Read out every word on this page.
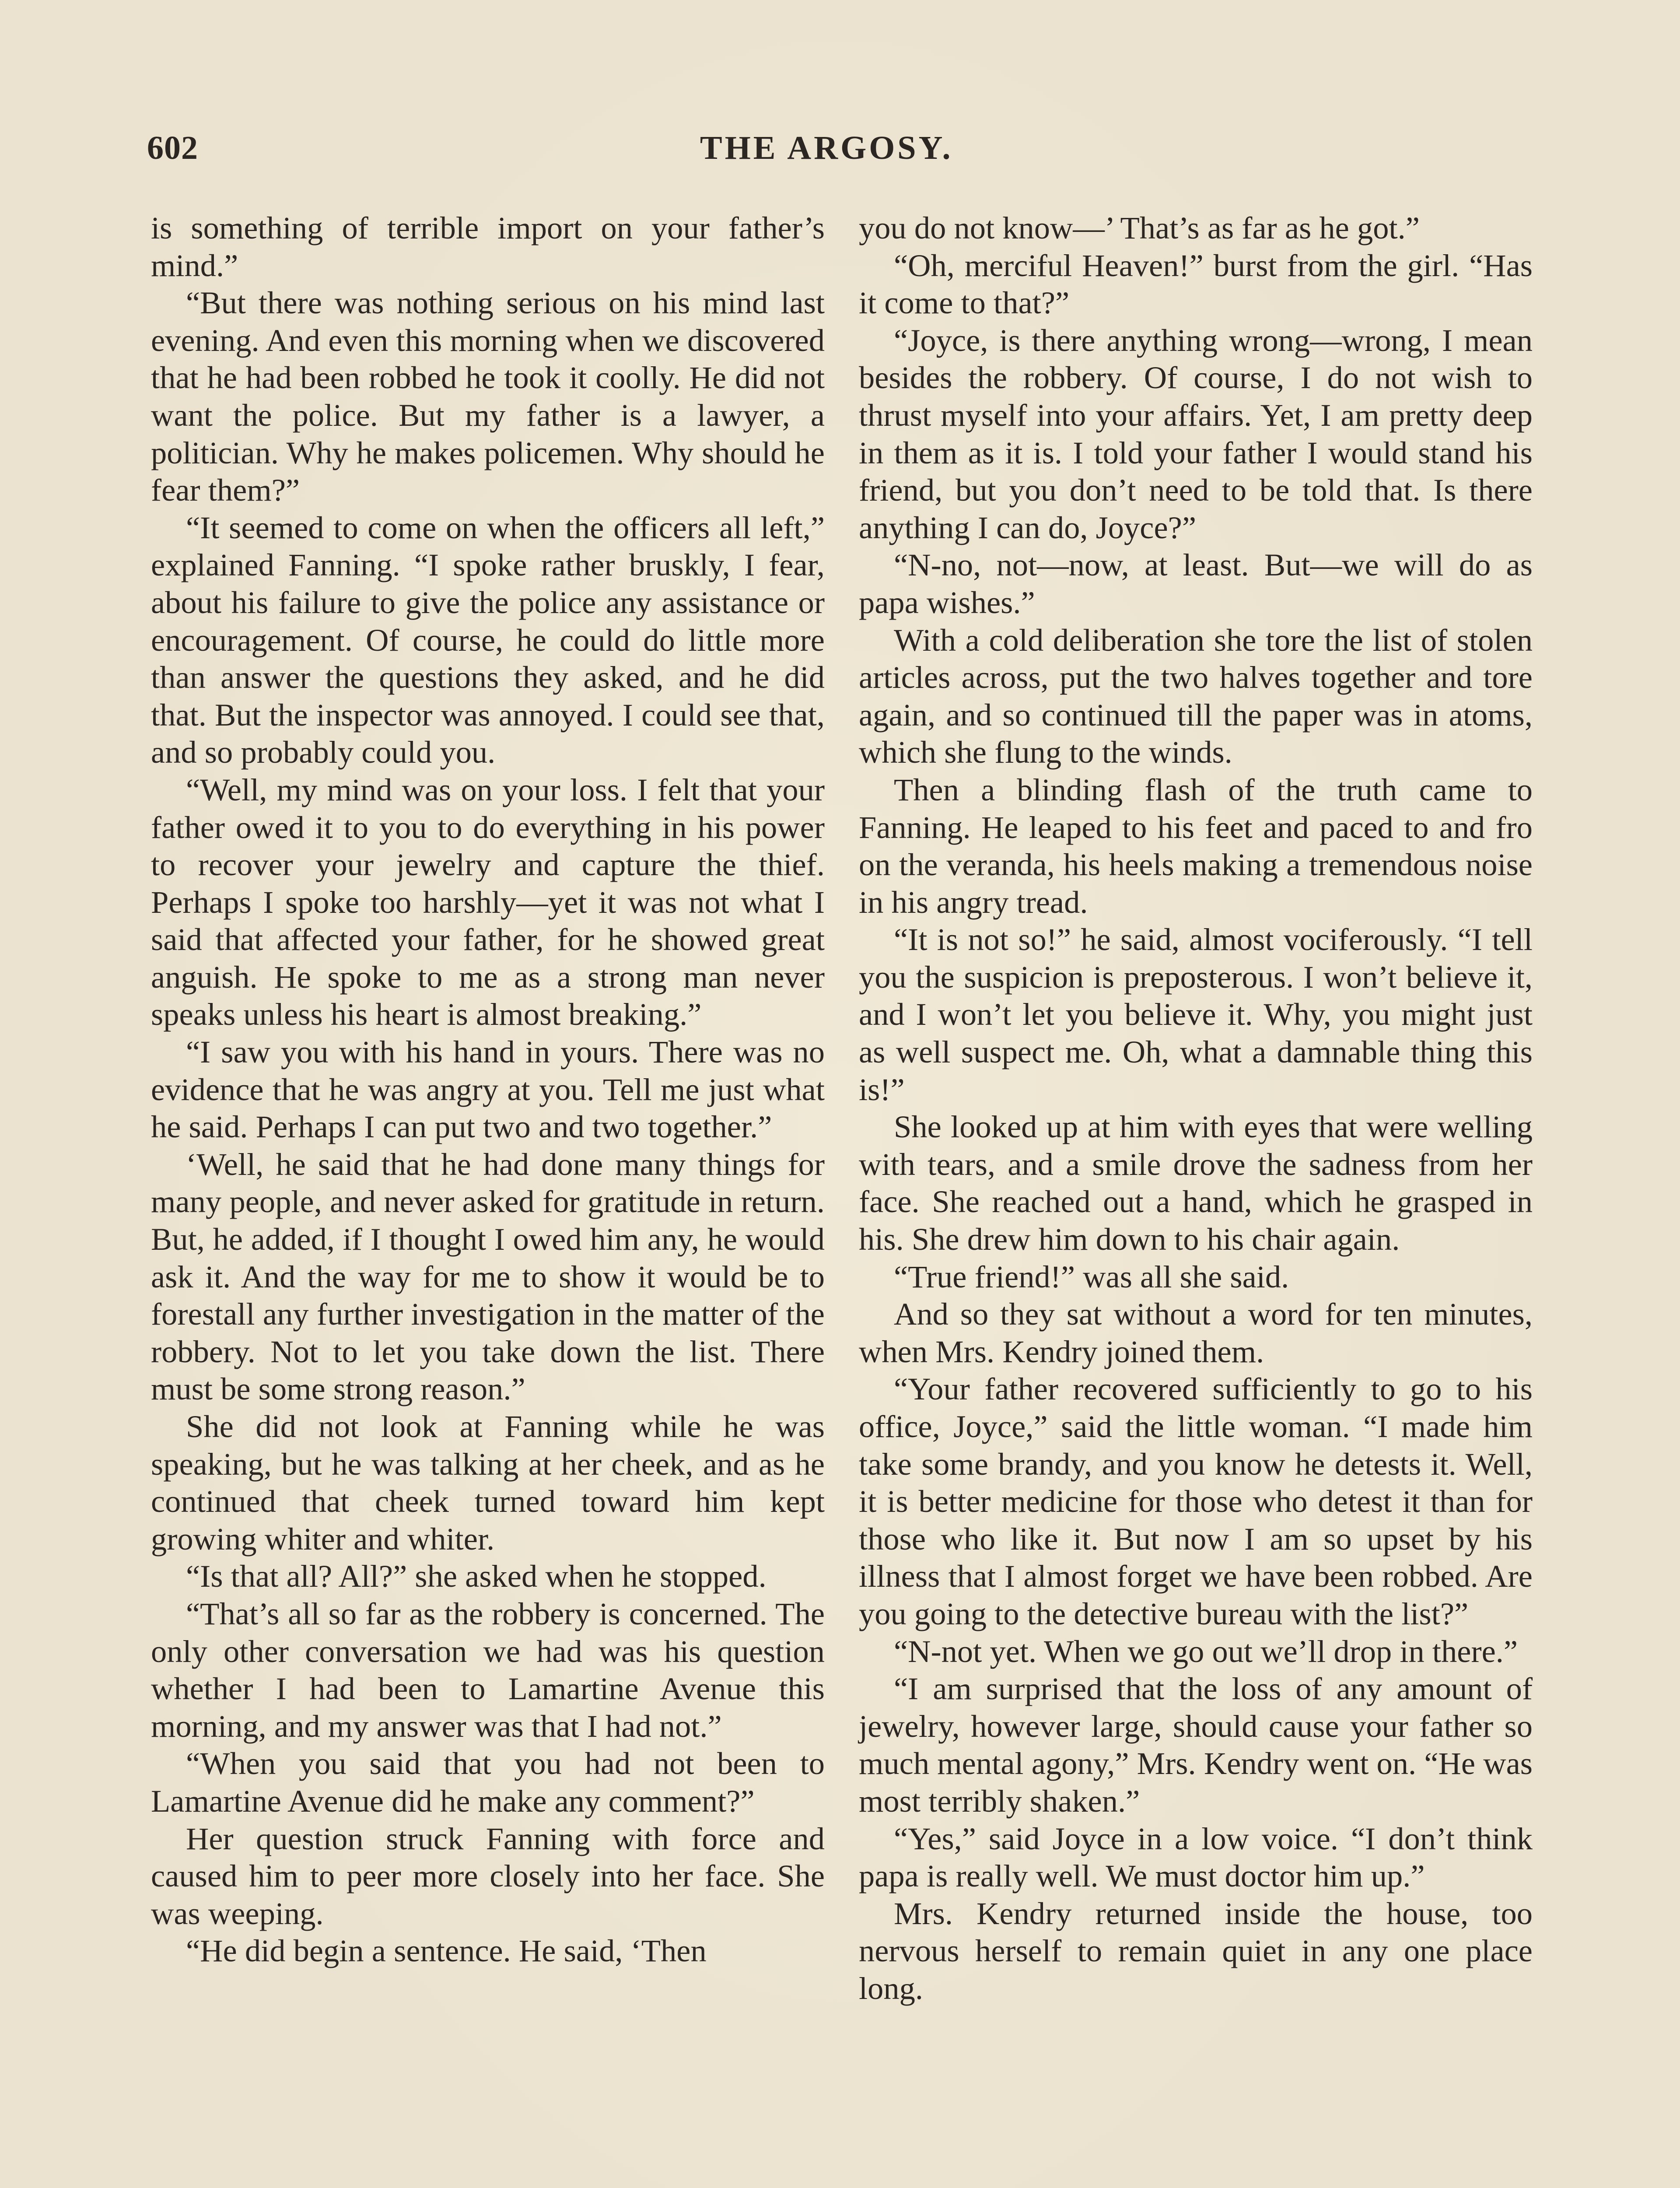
602	THE ARGOSY.

is something of terrible import on your father’s mind.”

“But there was nothing serious on his mind last evening. And even this morning when we discovered that he had been robbed he took it coolly. He did not want the police. But my father is a lawyer, a politician. Why he makes policemen. Why should he fear them?”

“It seemed to come on when the officers all left,” explained Fanning. “I spoke rather bruskly, I fear, about his failure to give the police any assistance or encouragement. Of course, he could do little more than answer the questions they asked, and he did that. But the inspector was annoyed. I could see that, and so probably could you.

“Well, my mind was on your loss. I felt that your father owed it to you to do everything in his power to recover your jewelry and capture the thief. Perhaps I spoke too harshly—yet it was not what I said that affected your father, for he showed great anguish. He spoke to me as a strong man never speaks unless his heart is almost breaking.”

“I saw you with his hand in yours. There was no evidence that he was angry at you. Tell me just what he said. Perhaps I can put two and two together.”

‘Well, he said that he had done many things for many people, and never asked for gratitude in return. But, he added, if I thought I owed him any, he would ask it. And the way for me to show it would be to forestall any further investigation in the matter of the robbery. Not to let you take down the list. There must be some strong reason.”

She did not look at Fanning while he was speaking, but he was talking at her cheek, and as he continued that cheek turned toward him kept growing whiter and whiter.

“Is that all? All?” she asked when he stopped.

“That’s all so far as the robbery is concerned. The only other conversation we had was his question whether I had been to Lamartine Avenue this morning, and my answer was that I had not.”

“When you said that you had not been to Lamartine Avenue did he make any comment?”

Her question struck Fanning with force and caused him to peer more closely into her face. She was weeping.

“He did begin a sentence. He said, ‘Then

you do not know—’ That’s as far as he got.”

“Oh, merciful Heaven!” burst from the girl. “Has it come to that?”

“Joyce, is there anything wrong—wrong, I mean besides the robbery. Of course, I do not wish to thrust myself into your affairs. Yet, I am pretty deep in them as it is. I told your father I would stand his friend, but you don’t need to be told that. Is there anything I can do, Joyce?”

“N-no, not—now, at least. But—we will do as papa wishes.”

With a cold deliberation she tore the list of stolen articles across, put the two halves together and tore again, and so continued till the paper was in atoms, which she flung to the winds.

Then a blinding flash of the truth came to Fanning. He leaped to his feet and paced to and fro on the veranda, his heels making a tremendous noise in his angry tread.

“It is not so!” he said, almost vociferously. “I tell you the suspicion is preposterous. I won’t believe it, and I won’t let you believe it. Why, you might just as well suspect me. Oh, what a damnable thing this is!”

She looked up at him with eyes that were welling with tears, and a smile drove the sadness from her face. She reached out a hand, which he grasped in his. She drew him down to his chair again.

“True friend!” was all she said.

And so they sat without a word for ten minutes, when Mrs. Kendry joined them.

“Your father recovered sufficiently to go to his office, Joyce,” said the little woman. “I made him take some brandy, and you know he detests it. Well, it is better medicine for those who detest it than for those who like it. But now I am so upset by his illness that I almost forget we have been robbed. Are you going to the detective bureau with the list?”

“N-not yet. When we go out we’ll drop in there.”

“I am surprised that the loss of any amount of jewelry, however large, should cause your father so much mental agony,” Mrs. Kendry went on. “He was most terribly shaken.”

“Yes,” said Joyce in a low voice. “I don’t think papa is really well. We must doctor him up.”

Mrs. Kendry returned inside the house, too nervous herself to remain quiet in any one place long.
